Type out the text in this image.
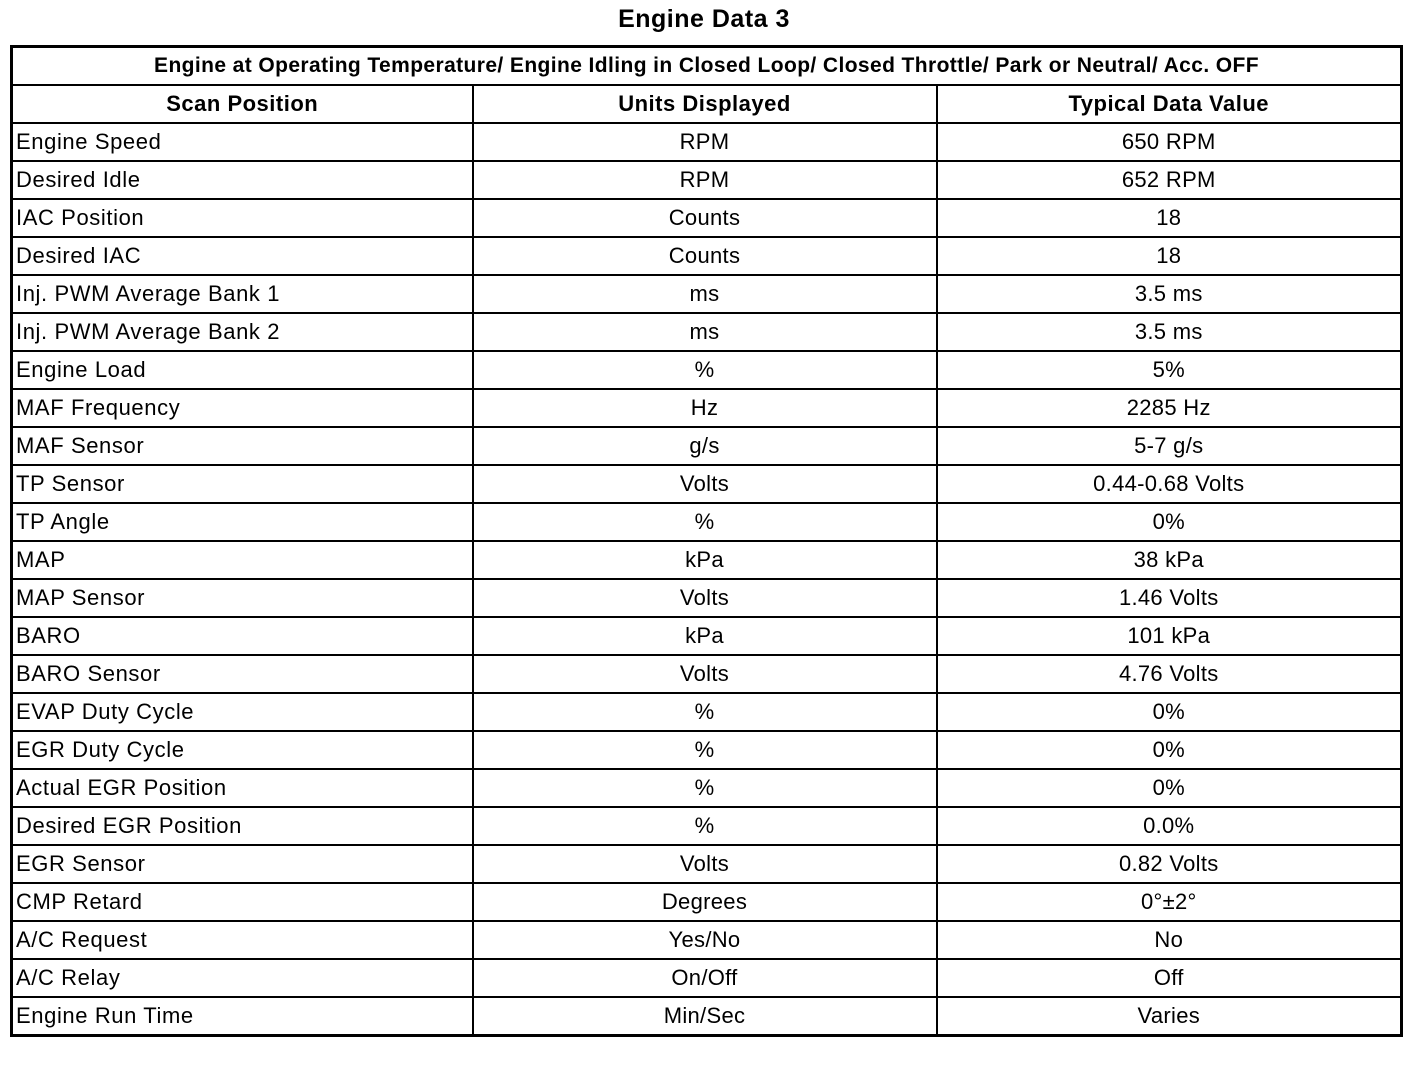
Engine Data 3
Engine at Operating Temperature/ Engine Idling in Closed Loop/ Closed Throttle/ Park or Neutral/ Acc. OFF		
Scan Position	Units Displayed	Typical Data Value
Engine Speed	RPM	650 RPM
Desired Idle	RPM	652 RPM
IAC Position	Counts	18
Desired IAC	Counts	18
Inj. PWM Average Bank 1	ms	3.5 ms
Inj. PWM Average Bank 2	ms	3.5 ms
Engine Load	%	5%
MAF Frequency	Hz	2285 Hz
MAF Sensor	g/s	5-7 g/s
TP Sensor	Volts	0.44-0.68 Volts
TP Angle	%	0%
MAP	kPa	38 kPa
MAP Sensor	Volts	1.46 Volts
BARO	kPa	101 kPa
BARO Sensor	Volts	4.76 Volts
EVAP Duty Cycle	%	0%
EGR Duty Cycle	%	0%
Actual EGR Position	%	0%
Desired EGR Position	%	0.0%
EGR Sensor	Volts	0.82 Volts
CMP Retard	Degrees	0°±2°
A/C Request	Yes/No	No
A/C Relay	On/Off	Off
Engine Run Time	Min/Sec	Varies
